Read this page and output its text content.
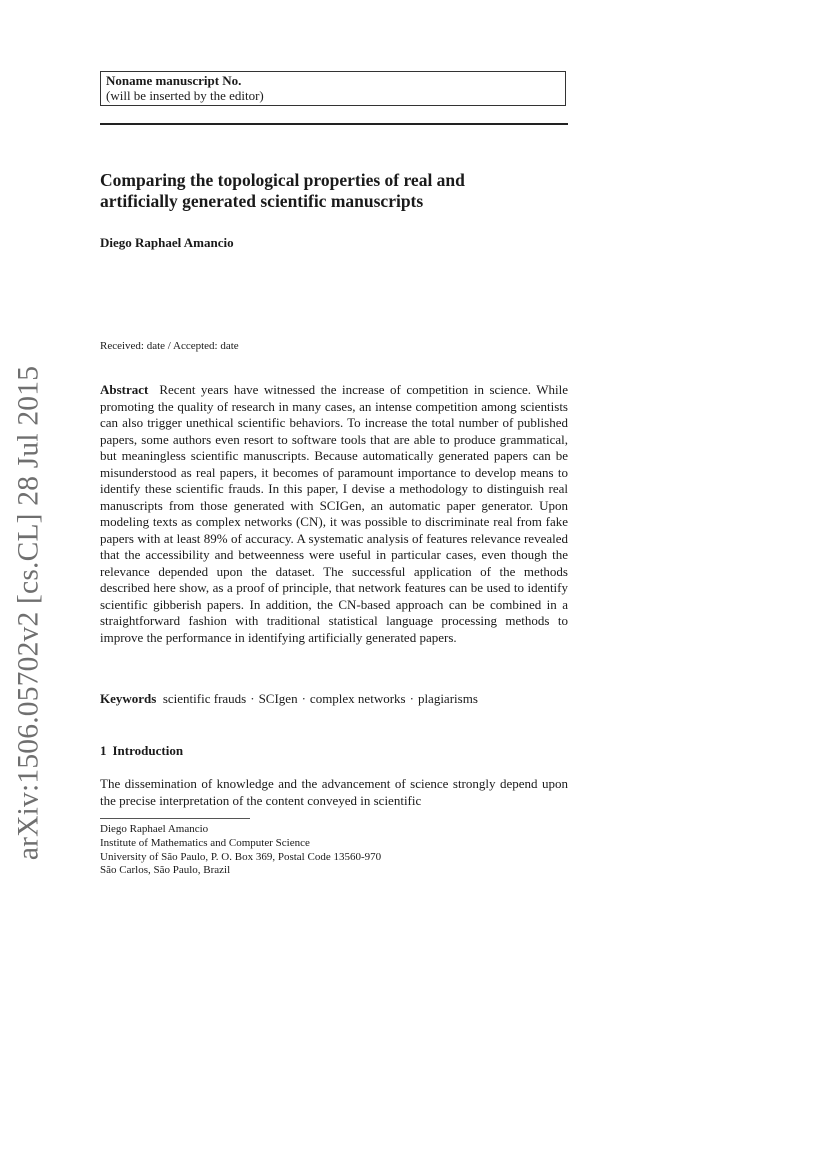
arXiv:1506.05702v2 [cs.CL] 28 Jul 2015
Noname manuscript No.
(will be inserted by the editor)
Comparing the topological properties of real and
artificially generated scientific manuscripts
Diego Raphael Amancio
Received: date / Accepted: date
Abstract Recent years have witnessed the increase of competition in science. While promoting the quality of research in many cases, an intense competition among scientists can also trigger unethical scientific behaviors. To increase the total number of published papers, some authors even resort to software tools that are able to produce grammatical, but meaningless scientific manuscripts. Because automatically generated papers can be misunderstood as real papers, it becomes of paramount importance to develop means to identify these scientific frauds. In this paper, I devise a methodology to distinguish real manuscripts from those generated with SCIGen, an automatic paper generator. Upon modeling texts as complex networks (CN), it was possible to discriminate real from fake papers with at least 89% of accuracy. A systematic analysis of features relevance revealed that the accessibility and betweenness were useful in particular cases, even though the relevance depended upon the dataset. The successful application of the methods described here show, as a proof of principle, that network features can be used to identify scientific gibberish papers. In addition, the CN-based approach can be combined in a straightforward fashion with traditional statistical language processing methods to improve the performance in identifying artificially generated papers.
Keywords scientific frauds · SCIgen · complex networks · plagiarisms
1 Introduction
The dissemination of knowledge and the advancement of science strongly depend upon the precise interpretation of the content conveyed in scientific
Diego Raphael Amancio
Institute of Mathematics and Computer Science
University of São Paulo, P. O. Box 369, Postal Code 13560-970
São Carlos, São Paulo, Brazil
